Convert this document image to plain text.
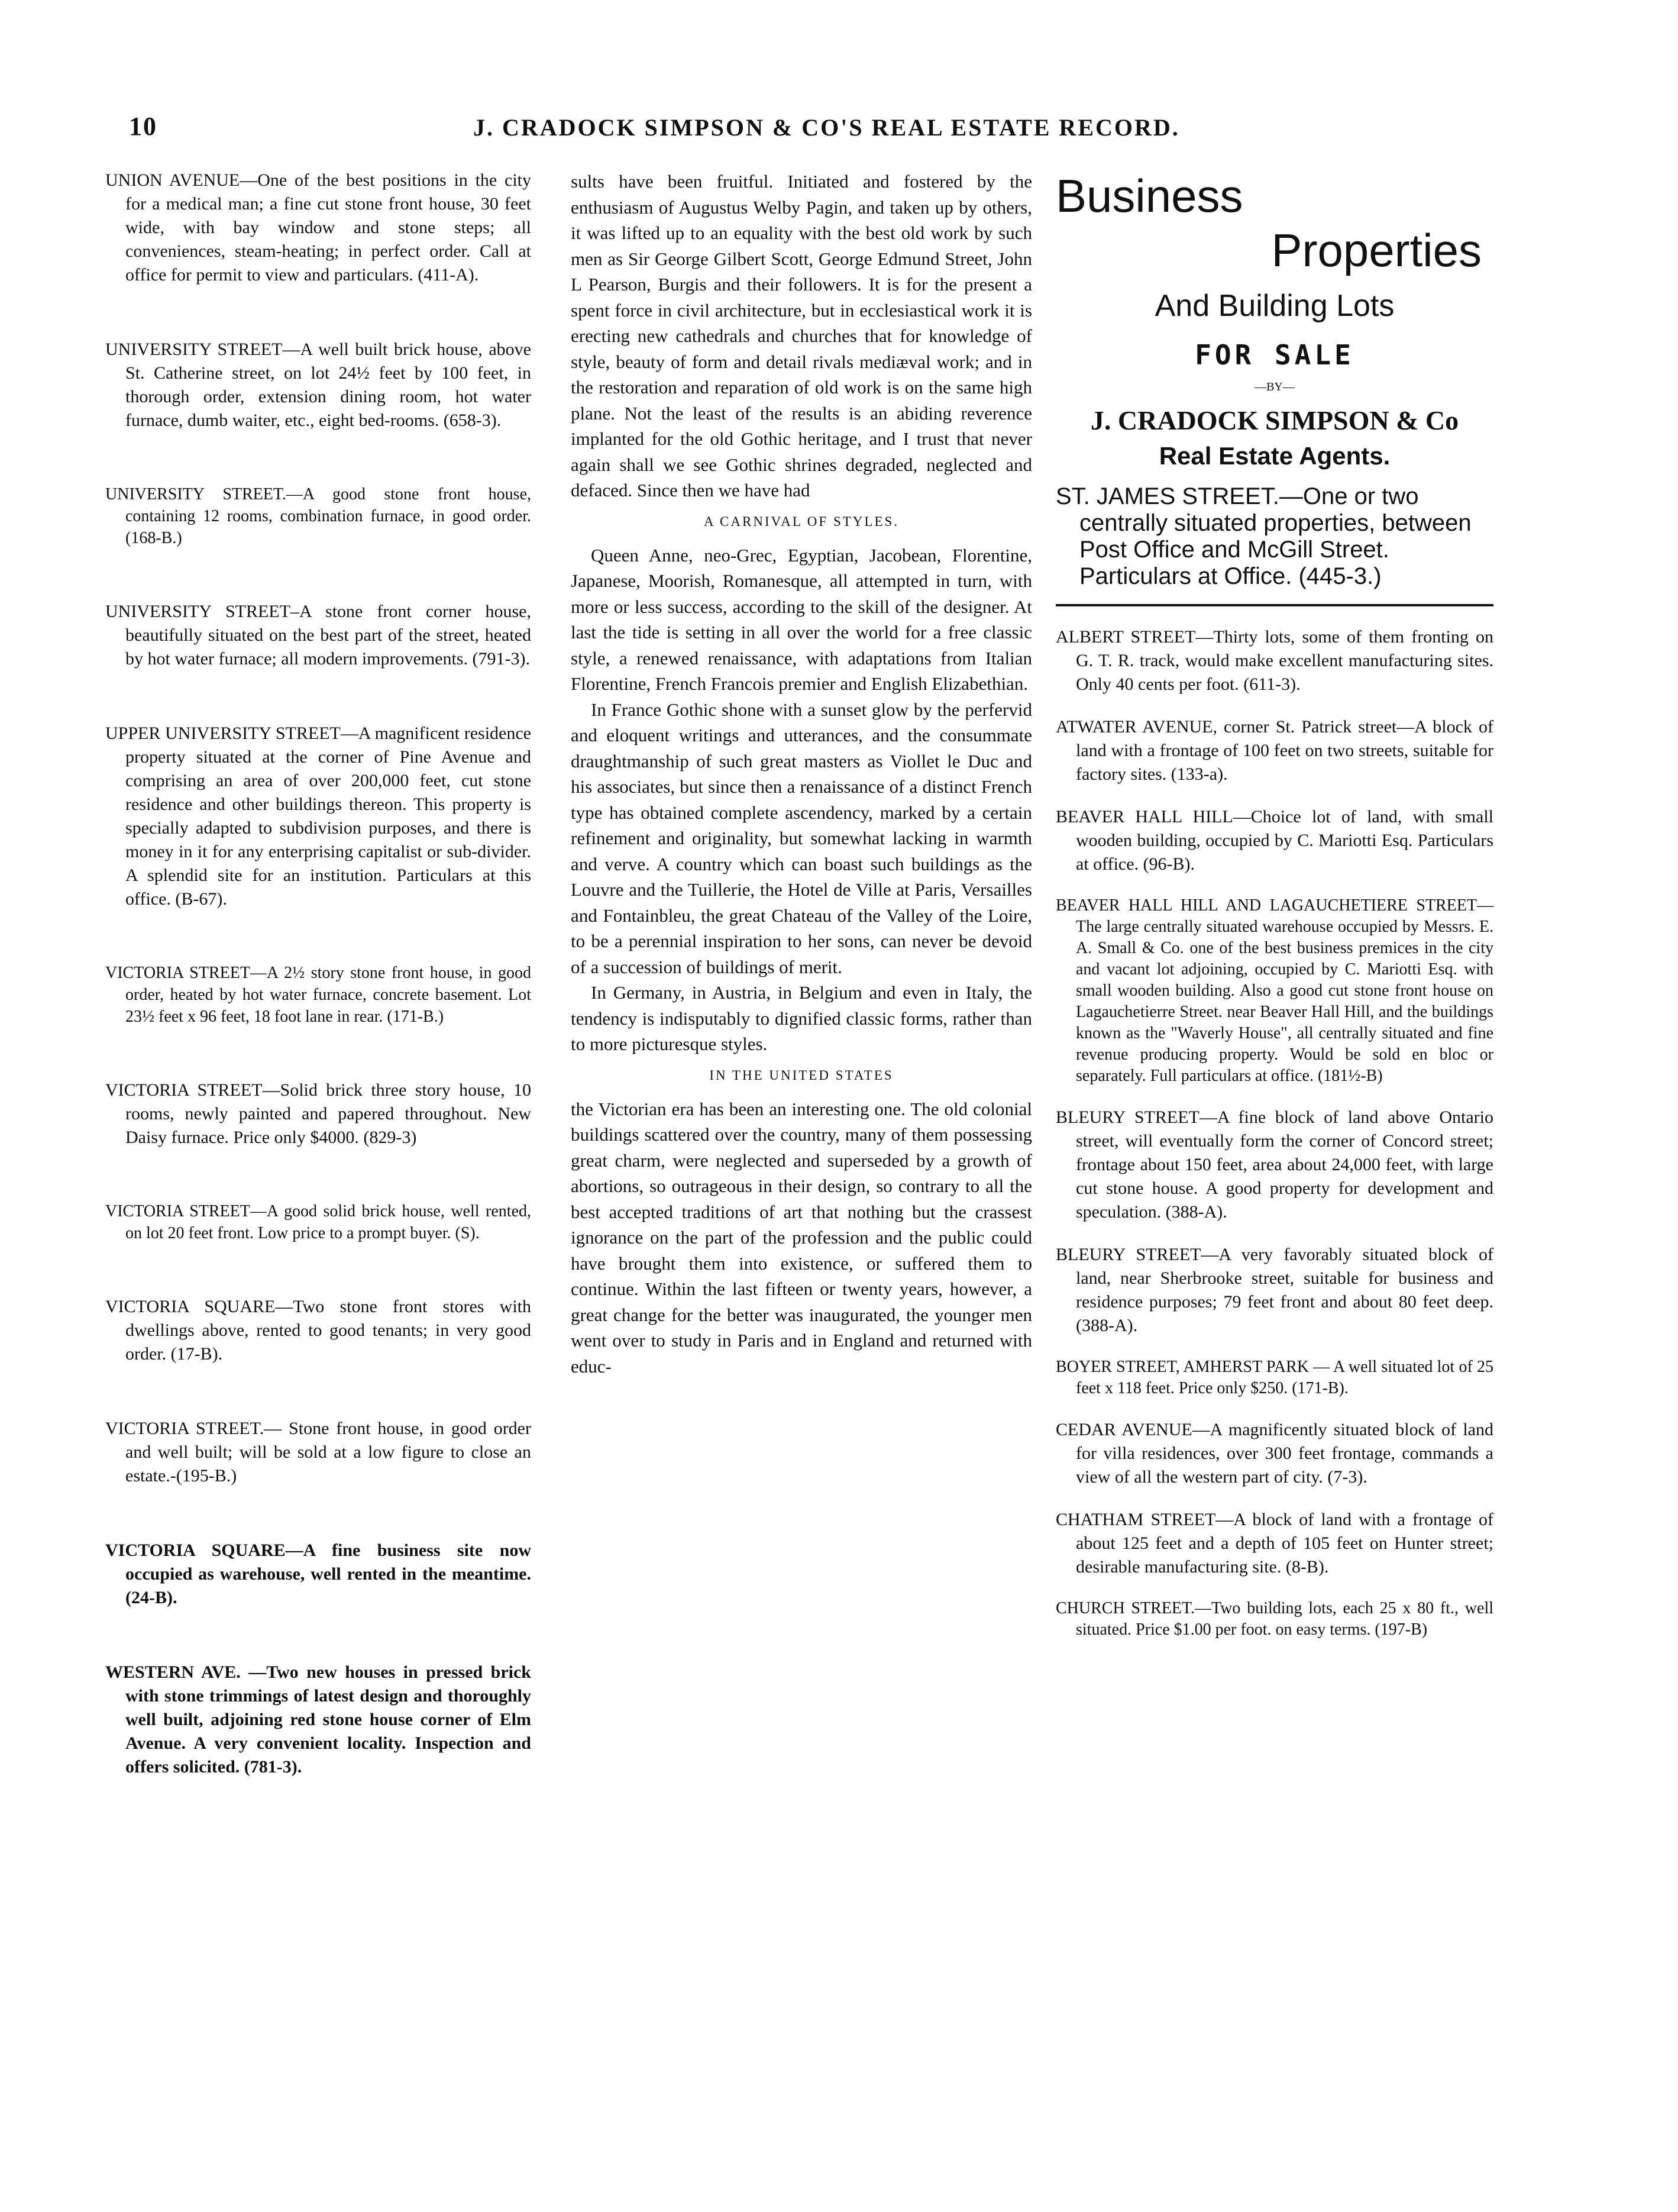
10	J. CRADOCK SIMPSON & CO'S REAL ESTATE RECORD.

UNION AVENUE—One of the best positions in the city for a medical man; a fine cut stone front house, 30 feet wide, with bay window and stone steps; all conveniences, steam-heating; in perfect order. Call at office for permit to view and particulars. (411-A).

UNIVERSITY STREET—A well built brick house, above St. Catherine street, on lot 24½ feet by 100 feet, in thorough order, extension dining room, hot water furnace, dumb waiter, etc., eight bed-rooms. (658-3).

UNIVERSITY STREET.—A good stone front house, containing 12 rooms, combination furnace, in good order. (168-B.)

UNIVERSITY STREET–A stone front corner house, beautifully situated on the best part of the street, heated by hot water furnace; all modern improvements. (791-3).

UPPER UNIVERSITY STREET—A magnificent residence property situated at the corner of Pine Avenue and comprising an area of over 200,000 feet, cut stone residence and other buildings thereon. This property is specially adapted to subdivision purposes, and there is money in it for any enterprising capitalist or sub-divider. A splendid site for an institution. Particulars at this office. (B-67).

VICTORIA STREET—A 2½ story stone front house, in good order, heated by hot water furnace, concrete basement. Lot 23½ feet x 96 feet, 18 foot lane in rear. (171-B.)

VICTORIA STREET—Solid brick three story house, 10 rooms, newly painted and papered throughout. New Daisy furnace. Price only $4000. (829-3)

VICTORIA STREET—A good solid brick house, well rented, on lot 20 feet front. Low price to a prompt buyer. (S).

VICTORIA SQUARE—Two stone front stores with dwellings above, rented to good tenants; in very good order. (17-B).

VICTORIA STREET.— Stone front house, in good order and well built; will be sold at a low figure to close an estate.-(195-B.)

VICTORIA SQUARE—A fine business site now occupied as warehouse, well rented in the meantime. (24-B).

WESTERN AVE. —Two new houses in pressed brick with stone trimmings of latest design and thoroughly well built, adjoining red stone house corner of Elm Avenue. A very convenient locality. Inspection and offers solicited. (781-3).

sults have been fruitful. Initiated and fostered by the enthusiasm of Augustus Welby Pagin, and taken up by others, it was lifted up to an equality with the best old work by such men as Sir George Gilbert Scott, George Edmund Street, John L Pearson, Burgis and their followers. It is for the present a spent force in civil architecture, but in ecclesiastical work it is erecting new cathedrals and churches that for knowledge of style, beauty of form and detail rivals mediæval work; and in the restoration and reparation of old work is on the same high plane. Not the least of the results is an abiding reverence implanted for the old Gothic heritage, and I trust that never again shall we see Gothic shrines degraded, neglected and defaced. Since then we have had

A CARNIVAL OF STYLES.

Queen Anne, neo-Grec, Egyptian, Jacobean, Florentine, Japanese, Moorish, Romanesque, all attempted in turn, with more or less success, according to the skill of the designer. At last the tide is setting in all over the world for a free classic style, a renewed renaissance, with adaptations from Italian Florentine, French Francois premier and English Elizabethian.

In France Gothic shone with a sunset glow by the perfervid and eloquent writings and utterances, and the consummate draughtmanship of such great masters as Viollet le Duc and his associates, but since then a renaissance of a distinct French type has obtained complete ascendency, marked by a certain refinement and originality, but somewhat lacking in warmth and verve. A country which can boast such buildings as the Louvre and the Tuillerie, the Hotel de Ville at Paris, Versailles and Fontainbleu, the great Chateau of the Valley of the Loire, to be a perennial inspiration to her sons, can never be devoid of a succession of buildings of merit.

In Germany, in Austria, in Belgium and even in Italy, the tendency is indisputably to dignified classic forms, rather than to more picturesque styles.

IN THE UNITED STATES

the Victorian era has been an interesting one. The old colonial buildings scattered over the country, many of them possessing great charm, were neglected and superseded by a growth of abortions, so outrageous in their design, so contrary to all the best accepted traditions of art that nothing but the crassest ignorance on the part of the profession and the public could have brought them into existence, or suffered them to continue. Within the last fifteen or twenty years, however, a great change for the better was inaugurated, the younger men went over to study in Paris and in England and returned with educ-

Business

Properties

And Building Lots

FOR SALE

—BY—

J. CRADOCK SIMPSON & Co

Real Estate Agents.

ST. JAMES STREET.—One or two centrally situated properties, between Post Office and McGill Street. Particulars at Office. (445-3.)

ALBERT STREET—Thirty lots, some of them fronting on G. T. R. track, would make excellent manufacturing sites. Only 40 cents per foot. (611-3).

ATWATER AVENUE, corner St. Patrick street—A block of land with a frontage of 100 feet on two streets, suitable for factory sites. (133-a).

BEAVER HALL HILL—Choice lot of land, with small wooden building, occupied by C. Mariotti Esq. Particulars at office. (96-B).

BEAVER HALL HILL AND LAGAUCHETIERE STREET—The large centrally situated warehouse occupied by Messrs. E. A. Small & Co. one of the best business premices in the city and vacant lot adjoining, occupied by C. Mariotti Esq. with small wooden building. Also a good cut stone front house on Lagauchetierre Street. near Beaver Hall Hill, and the buildings known as the "Waverly House", all centrally situated and fine revenue producing property. Would be sold en bloc or separately. Full particulars at office. (181½-B)

BLEURY STREET—A fine block of land above Ontario street, will eventually form the corner of Concord street; frontage about 150 feet, area about 24,000 feet, with large cut stone house. A good property for development and speculation. (388-A).

BLEURY STREET—A very favorably situated block of land, near Sherbrooke street, suitable for business and residence purposes; 79 feet front and about 80 feet deep. (388-A).

BOYER STREET, AMHERST PARK — A well situated lot of 25 feet x 118 feet. Price only $250. (171-B).

CEDAR AVENUE—A magnificently situated block of land for villa residences, over 300 feet frontage, commands a view of all the western part of city. (7-3).

CHATHAM STREET—A block of land with a frontage of about 125 feet and a depth of 105 feet on Hunter street; desirable manufacturing site. (8-B).

CHURCH STREET.—Two building lots, each 25 x 80 ft., well situated. Price $1.00 per foot. on easy terms. (197-B)
